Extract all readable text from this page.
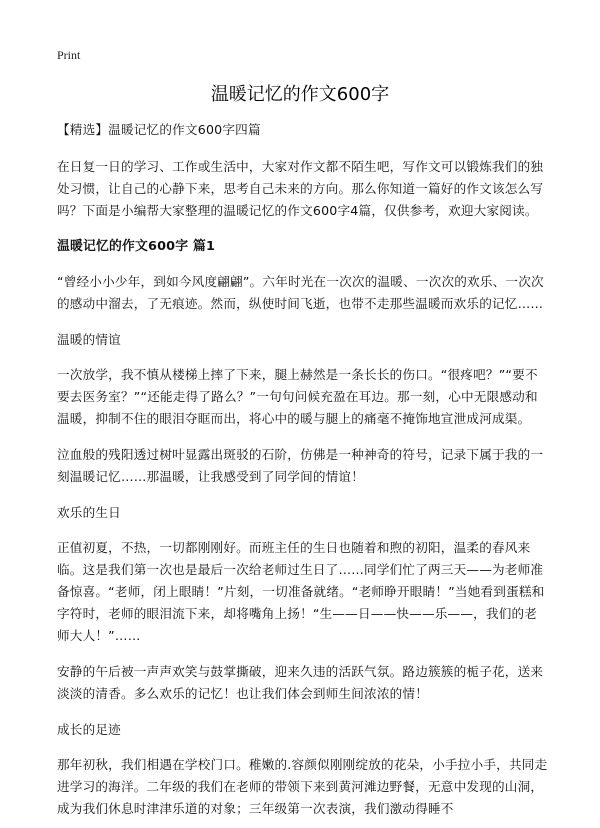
Print
温暖记忆的作文600字

【精选】温暖记忆的作文600字四篇

在日复一日的学习、工作或生活中，大家对作文都不陌生吧，写作文可以锻炼我们的独处习惯，让自己的心静下来，思考自己未来的方向。那么你知道一篇好的作文该怎么写吗？下面是小编帮大家整理的温暖记忆的作文600字4篇，仅供参考，欢迎大家阅读。

温暖记忆的作文600字 篇1

“曾经小小少年，到如今风度翩翩”。六年时光在一次次的温暖、一次次的欢乐、一次次的感动中溜去，了无痕迹。然而，纵使时间飞逝，也带不走那些温暖而欢乐的记忆……

温暖的情谊

一次放学，我不慎从楼梯上摔了下来，腿上赫然是一条长长的伤口。“很疼吧？”“要不要去医务室？”“还能走得了路么？”一句句问候充盈在耳边。那一刻，心中无限感动和温暖，抑制不住的眼泪夺眶而出，将心中的暖与腿上的痛毫不掩饰地宣泄成河成渠。

泣血般的残阳透过树叶显露出斑驳的石阶，仿佛是一种神奇的符号，记录下属于我的一刻温暖记忆……那温暖，让我感受到了同学间的情谊！

欢乐的生日

正值初夏，不热，一切都刚刚好。而班主任的生日也随着和煦的初阳，温柔的春风来临。这是我们第一次也是最后一次给老师过生日了……同学们忙了两三天——为老师准备惊喜。“老师，闭上眼睛！”片刻，一切准备就绪。“老师睁开眼睛！”当她看到蛋糕和字符时，老师的眼泪流下来，却将嘴角上扬！“生——日——快——乐——，我们的老师大人！”……

安静的午后被一声声欢笑与鼓掌撕破，迎来久违的活跃气氛。路边簇簇的栀子花，送来淡淡的清香。多么欢乐的记忆！也让我们体会到师生间浓浓的情！

成长的足迹

那年初秋，我们相遇在学校门口。稚嫩的.容颜似刚刚绽放的花朵，小手拉小手，共同走进学习的海洋。二年级的我们在老师的带领下来到黄河滩边野餐，无意中发现的山洞，成为我们休息时津津乐道的对象；三年级第一次表演，我们激动得睡不
